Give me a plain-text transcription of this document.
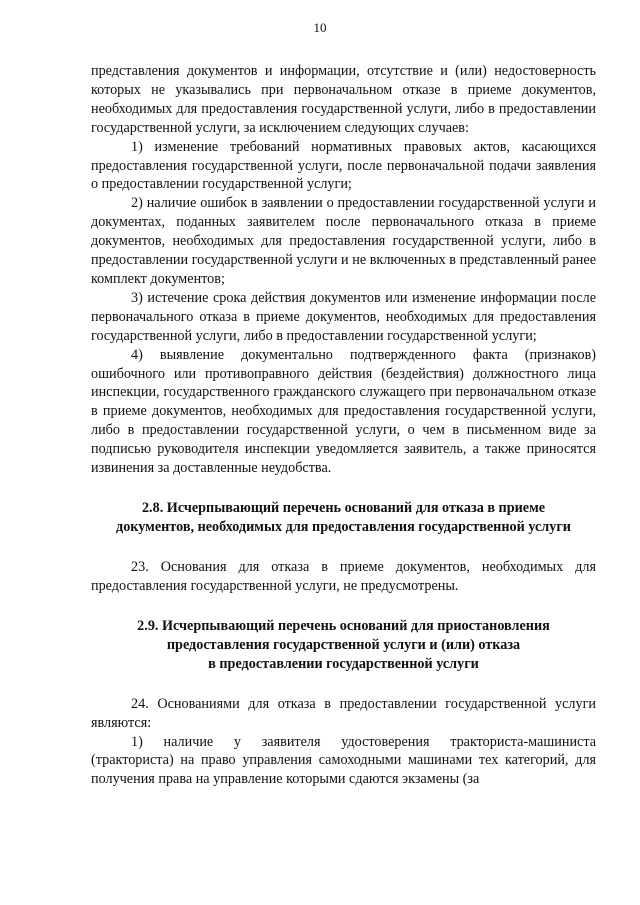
10

представления документов и информации, отсутствие и (или) недостоверность которых не указывались при первоначальном отказе в приеме документов, необходимых для предоставления государственной услуги, либо в предоставлении государственной услуги, за исключением следующих случаев:

1) изменение требований нормативных правовых актов, касающихся предоставления государственной услуги, после первоначальной подачи заявления о предоставлении государственной услуги;

2) наличие ошибок в заявлении о предоставлении государственной услуги и документах, поданных заявителем после первоначального отказа в приеме документов, необходимых для предоставления государственной услуги, либо в предоставлении государственной услуги и не включенных в представленный ранее комплект документов;

3) истечение срока действия документов или изменение информации после первоначального отказа в приеме документов, необходимых для предоставления государственной услуги, либо в предоставлении государственной услуги;

4) выявление документально подтвержденного факта (признаков) ошибочного или противоправного действия (бездействия) должностного лица инспекции, государственного гражданского служащего при первоначальном отказе в приеме документов, необходимых для предоставления государственной услуги, либо в предоставлении государственной услуги, о чем в письменном виде за подписью руководителя инспекции уведомляется заявитель, а также приносятся извинения за доставленные неудобства.

2.8. Исчерпывающий перечень оснований для отказа в приеме
документов, необходимых для предоставления государственной услуги

23. Основания для отказа в приеме документов, необходимых для предоставления государственной услуги, не предусмотрены.

2.9. Исчерпывающий перечень оснований для приостановления
предоставления государственной услуги и (или) отказа
в предоставлении государственной услуги

24. Основаниями для отказа в предоставлении государственной услуги являются:

1) наличие у заявителя удостоверения тракториста-машиниста (тракториста) на право управления самоходными машинами тех категорий, для получения права на управление которыми сдаются экзамены (за
